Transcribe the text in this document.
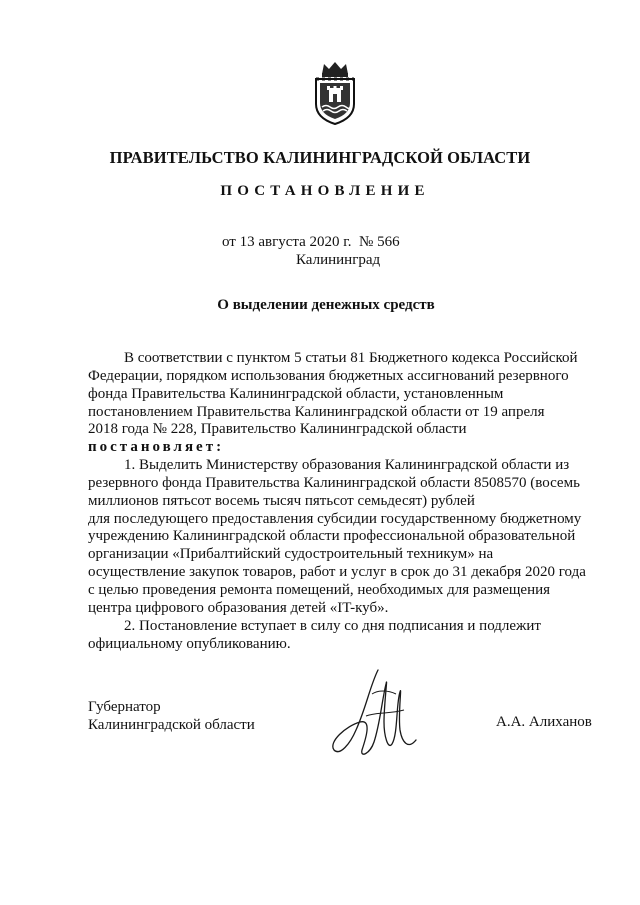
ПРАВИТЕЛЬСТВО КАЛИНИНГРАДСКОЙ ОБЛАСТИ
ПОСТАНОВЛЕНИЕ
от 13 августа 2020 г. № 566
Калининград
О выделении денежных средств
В соответствии с пунктом 5 статьи 81 Бюджетного кодекса Российской
Федерации, порядком использования бюджетных ассигнований резервного
фонда Правительства Калининградской области, установленным
постановлением Правительства Калининградской области от 19 апреля
2018 года № 228, Правительство Калининградской области
постановляет:
1. Выделить Министерству образования Калининградской области из
резервного фонда Правительства Калининградской области 8508570 (восемь
миллионов пятьсот восемь тысяч пятьсот семьдесят) рублей
для последующего предоставления субсидии государственному бюджетному
учреждению Калининградской области профессиональной образовательной
организации «Прибалтийский судостроительный техникум» на
осуществление закупок товаров, работ и услуг в срок до 31 декабря 2020 года
с целью проведения ремонта помещений, необходимых для размещения
центра цифрового образования детей «IT-куб».
2. Постановление вступает в силу со дня подписания и подлежит
официальному опубликованию.
Губернатор
Калининградской области	А.А. Алиханов
